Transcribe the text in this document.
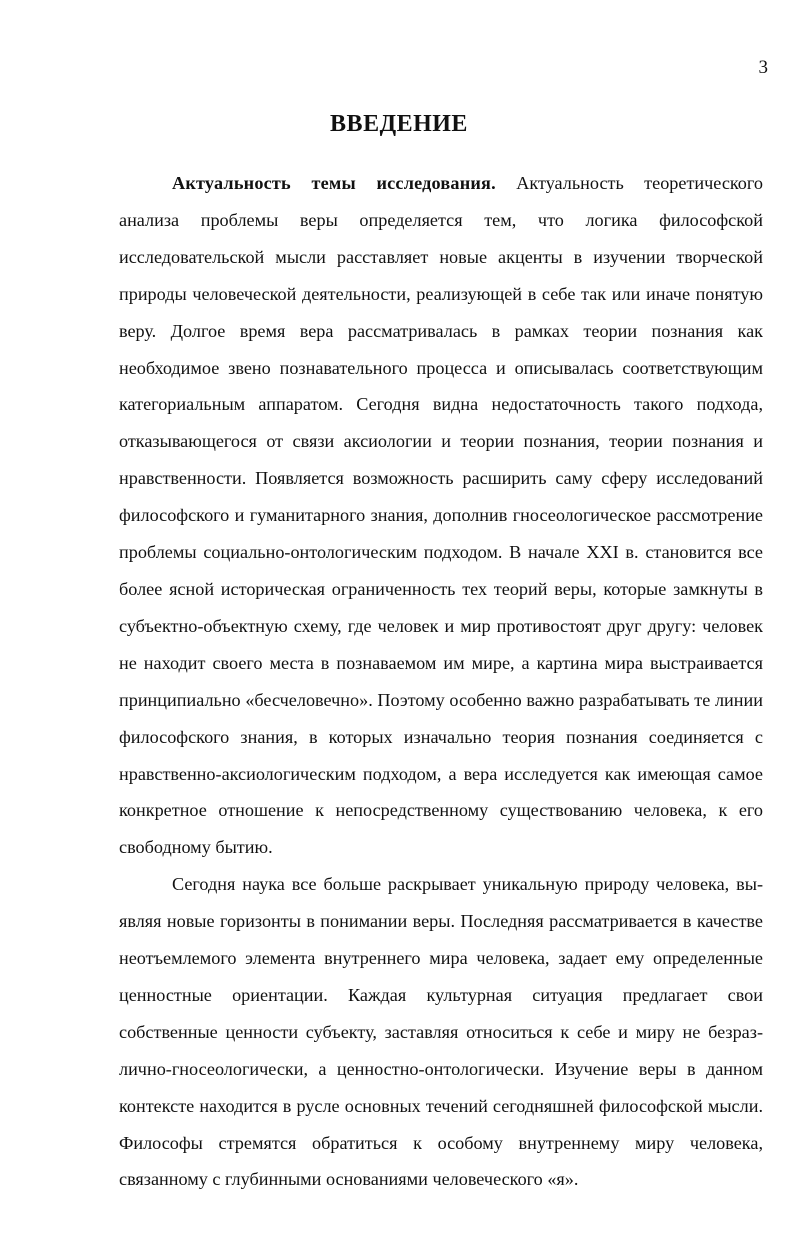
3
ВВЕДЕНИЕ

Актуальность темы исследования. Актуальность теоретического анализа проблемы веры определяется тем, что логика философской исследовательской мысли расставляет новые акценты в изучении творческой природы человеческой деятельности, реализующей в себе так или иначе понятую веру. Долгое время вера рассматривалась в рамках теории познания как необходимое звено познавательного процесса и описывалась соответствующим категориальным аппаратом. Сегодня видна недостаточность такого подхода, отказывающегося от связи аксиологии и теории познания, теории познания и нравственности. Появляется возможность расширить саму сферу исследований философского и гуманитарного знания, дополнив гносеологическое рассмотрение проблемы социально-онтологическим подходом. В начале XXI в. становится все более ясной историческая ограниченность тех теорий веры, которые замкнуты в субъектно-объектную схему, где человек и мир противостоят друг другу: человек не находит своего места в познаваемом им мире, а картина мира выстраивается принципиально «бесчеловечно». Поэтому особенно важно разрабатывать те линии философского знания, в которых изначально теория познания соединяется с нравственно-аксиологическим подходом, а вера исследуется как имеющая самое конкретное отношение к непосредственному существованию человека, к его свободному бытию.

Сегодня наука все больше раскрывает уникальную природу человека, выявляя новые горизонты в понимании веры. Последняя рассматривается в качестве неотъемлемого элемента внутреннего мира человека, задает ему определенные ценностные ориентации. Каждая культурная ситуация предлагает свои собственные ценности субъекту, заставляя относиться к себе и миру не безразлично-гносеологически, а ценностно-онтологически. Изучение веры в данном контексте находится в русле основных течений сегодняшней философской мысли. Философы стремятся обратиться к особому внутреннему миру человека, связанному с глубинными основаниями человеческого «я».
